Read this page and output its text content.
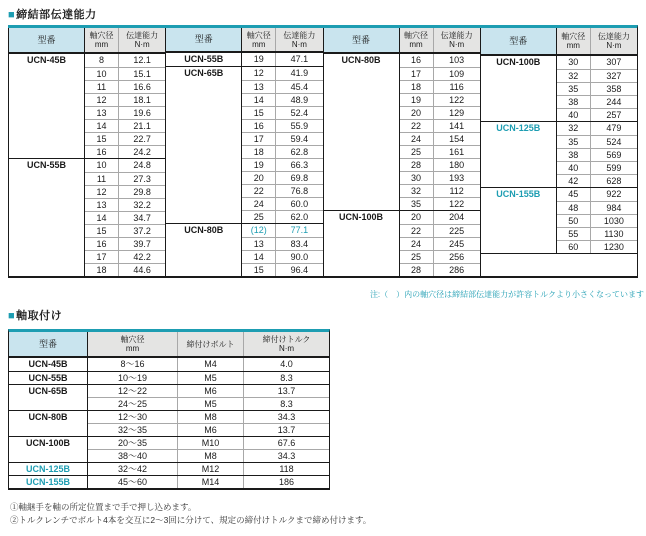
■締結部伝達能力
型番	軸穴径
mm
伝達能力
N·m
UCN-45B	8	12.1
10	15.1
11	16.6
12	18.1
13	19.6
14	21.1
15	22.7
16	24.2
UCN-55B	10	24.8
11	27.3
12	29.8
13	32.2
14	34.7
15	37.2
16	39.7
17	42.2
18	44.6
型番	軸穴径
mm
伝達能力
N·m
UCN-55B	19	47.1
UCN-65B	12	41.9
13	45.4
14	48.9
15	52.4
16	55.9
17	59.4
18	62.8
19	66.3
20	69.8
22	76.8
24	60.0
25	62.0
UCN-80B	(12)	77.1
13	83.4
14	90.0
15	96.4
型番	軸穴径
mm
伝達能力
N·m
UCN-80B	16	103
17	109
18	116
19	122
20	129
22	141
24	154
25	161
28	180
30	193
32	112
35	122
UCN-100B	20	204
22	225
24	245
25	256
28	286
型番	軸穴径
mm
伝達能力
N·m
UCN-100B	30	307
32	327
35	358
38	244
40	257
UCN-125B	32	479
35	524
38	569
40	599
42	628
UCN-155B	45	922
48	984
50	1030
55	1130
60	1230
注:（　）内の軸穴径は締結部伝達能力が許容トルクより小さくなっています
■軸取付け
型番	軸穴径
mm	締付けボルト	締付けトルク
N·m
UCN-45B	8～16	M4	4.0
UCN-55B	10～19	M5	8.3
UCN-65B	12～22	M6	13.7
24～25	M5	8.3
UCN-80B	12～30	M8	34.3
32～35	M6	13.7
UCN-100B	20～35	M10	67.6
38～40	M8	34.3
UCN-125B	32～42	M12	118
UCN-155B	45～60	M14	186
①軸継手を軸の所定位置まで手で押し込めます。
②トルクレンチでボルト4本を交互に2～3回に分けて、規定の締付けトルクまで締め付けます。
